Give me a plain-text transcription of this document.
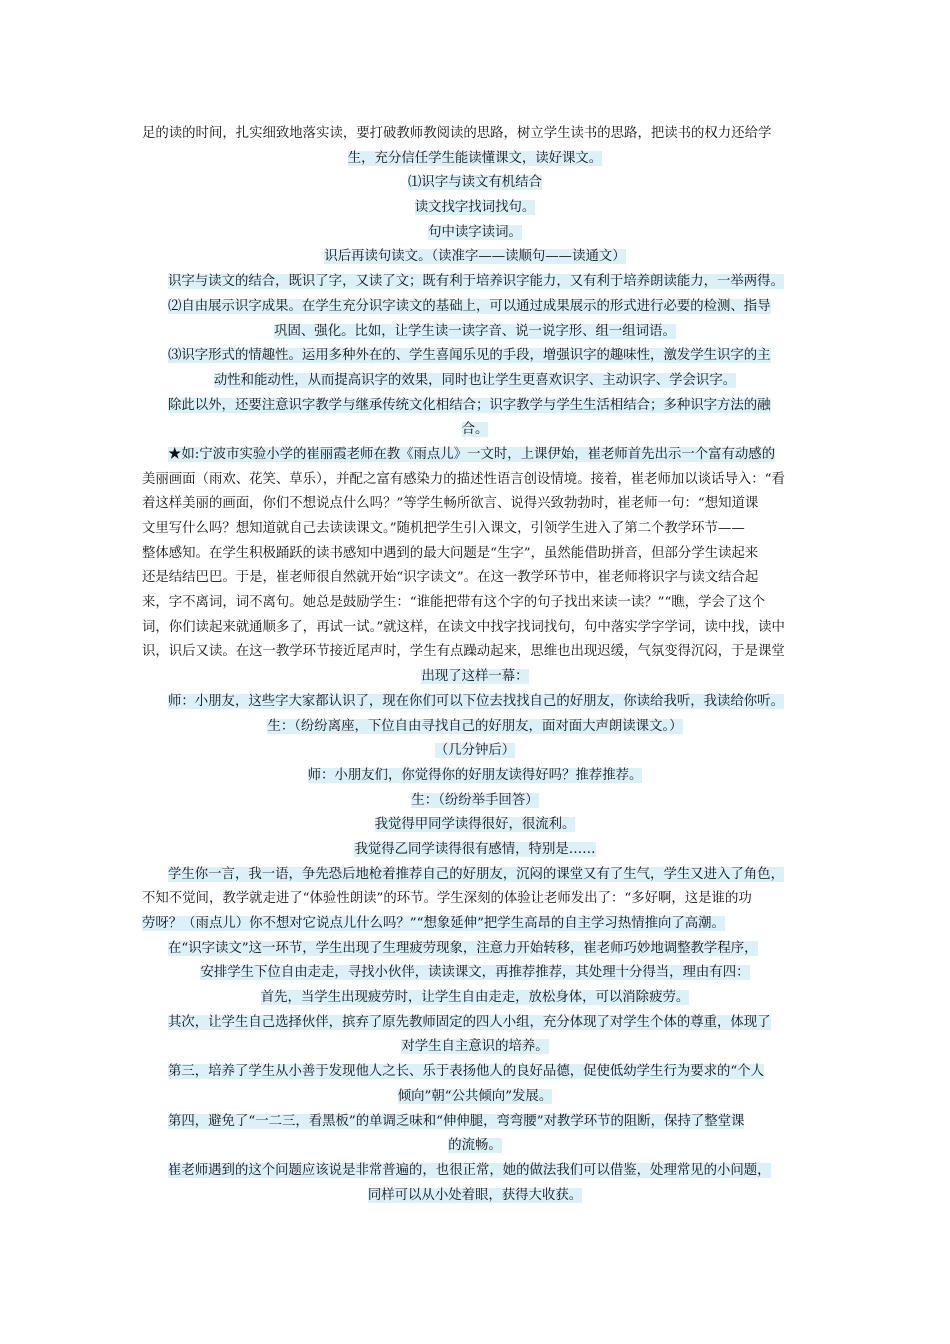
足的读的时间，扎实细致地落实读，要打破教师教阅读的思路，树立学生读书的思路，把读书的权力还给学
生，充分信任学生能读懂课文，读好课文。
⑴识字与读文有机结合
读文找字找词找句。
句中读字读词。
识后再读句读文。（读准字——读顺句——读通文）
识字与读文的结合，既识了字，又读了文；既有利于培养识字能力，又有利于培养朗读能力，一举两得。
⑵自由展示识字成果。在学生充分识字读文的基础上，可以通过成果展示的形式进行必要的检测、指导
巩固、强化。比如，让学生读一读字音、说一说字形、组一组词语。
⑶识字形式的情趣性。运用多种外在的、学生喜闻乐见的手段，增强识字的趣味性，激发学生识字的主
动性和能动性，从而提高识字的效果，同时也让学生更喜欢识字、主动识字、学会识字。
除此以外，还要注意识字教学与继承传统文化相结合；识字教学与学生生活相结合；多种识字方法的融
合。
★如:宁波市实验小学的崔丽霞老师在教《雨点儿》一文时，上课伊始，崔老师首先出示一个富有动感的
美丽画面（雨欢、花笑、草乐），并配之富有感染力的描述性语言创设情境。接着，崔老师加以谈话导入：“看
着这样美丽的画面，你们不想说点什么吗？”等学生畅所欲言、说得兴致勃勃时，崔老师一句：“想知道课
文里写什么吗？想知道就自己去读读课文。”随机把学生引入课文，引领学生进入了第二个教学环节——
整体感知。在学生积极踊跃的读书感知中遇到的最大问题是“生字”，虽然能借助拼音，但部分学生读起来
还是结结巴巴。于是，崔老师很自然就开始“识字读文”。在这一教学环节中，崔老师将识字与读文结合起
来，字不离词，词不离句。她总是鼓励学生：“谁能把带有这个字的句子找出来读一读？”“瞧，学会了这个
词，你们读起来就通顺多了，再试一试。”就这样，在读文中找字找词找句，句中落实学字学词，读中找，读中
识，识后又读。在这一教学环节接近尾声时，学生有点躁动起来，思维也出现迟缓，气氛变得沉闷，于是课堂
出现了这样一幕：
师：小朋友，这些字大家都认识了，现在你们可以下位去找找自己的好朋友，你读给我听，我读给你听。
生：（纷纷离座，下位自由寻找自己的好朋友，面对面大声朗读课文。）
（几分钟后）
师：小朋友们，你觉得你的好朋友读得好吗？推荐推荐。
生：（纷纷举手回答）
我觉得甲同学读得很好，很流利。
我觉得乙同学读得很有感情，特别是……
学生你一言，我一语，争先恐后地枪着推荐自己的好朋友，沉闷的课堂又有了生气，学生又进入了角色，
不知不觉间，教学就走进了“体验性朗读”的环节。学生深刻的体验让老师发出了：“多好啊，这是谁的功
劳呀？（雨点儿）你不想对它说点儿什么吗？”“想象延伸”把学生高昂的自主学习热情推向了高潮。
在“识字读文”这一环节，学生出现了生理疲劳现象，注意力开始转移，崔老师巧妙地调整教学程序，
安排学生下位自由走走，寻找小伙伴，读读课文，再推荐推荐，其处理十分得当，理由有四：
首先，当学生出现疲劳时，让学生自由走走，放松身体，可以消除疲劳。
其次，让学生自己选择伙伴，摈弃了原先教师固定的四人小组，充分体现了对学生个体的尊重，体现了
对学生自主意识的培养。
第三，培养了学生从小善于发现他人之长、乐于表扬他人的良好品德，促使低幼学生行为要求的“个人
倾向”朝“公共倾向”发展。
第四，避免了“一二三，看黑板”的单调乏味和“伸伸腿，弯弯腰”对教学环节的阻断，保持了整堂课
的流畅。
崔老师遇到的这个问题应该说是非常普遍的，也很正常，她的做法我们可以借鉴，处理常见的小问题，
同样可以从小处着眼，获得大收获。
